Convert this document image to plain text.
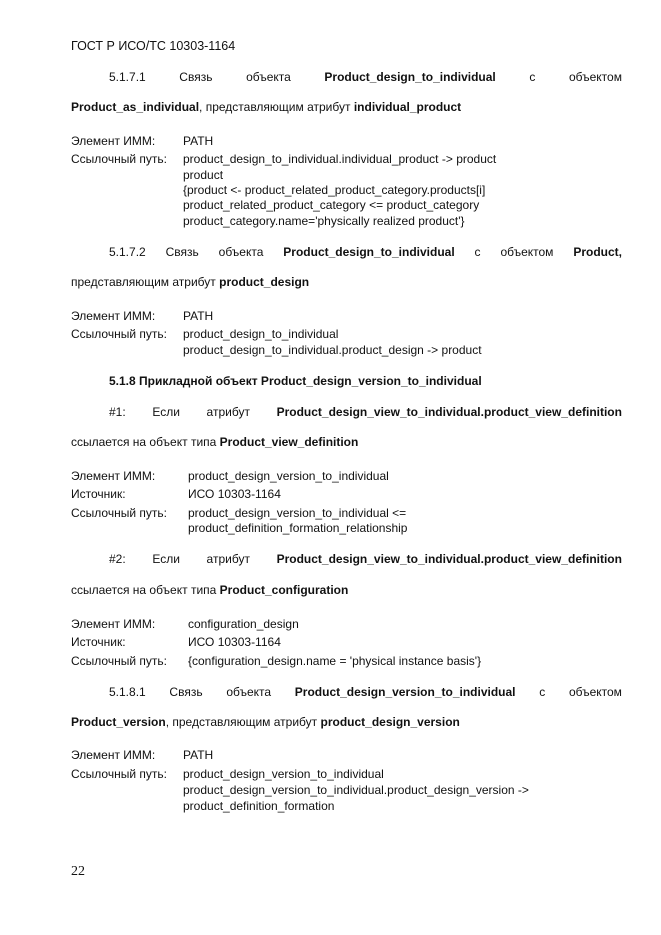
ГОСТ Р ИСО/ТС 10303-1164
5.1.7.1	Связь	объекта	Product_design_to_individual	с	объектом
Product_as_individual, представляющим атрибут individual_product
Элемент ИММ: PATH
Ссылочный путь: product_design_to_individual.individual_product -> product
product
{product <- product_related_product_category.products[i]
product_related_product_category <= product_category
product_category.name='physically realized product'}
5.1.7.2 Связь объекта Product_design_to_individual с объектом Product,
представляющим атрибут product_design
Элемент ИММ: PATH
Ссылочный путь: product_design_to_individual
product_design_to_individual.product_design -> product
5.1.8 Прикладной объект Product_design_version_to_individual
#1: Если атрибут Product_design_view_to_individual.product_view_definition
ссылается на объект типа Product_view_definition
Элемент ИММ:	product_design_version_to_individual
Источник:	ИСО 10303-1164
Ссылочный путь: product_design_version_to_individual <=
product_definition_formation_relationship
#2: Если атрибут Product_design_view_to_individual.product_view_definition
ссылается на объект типа Product_configuration
Элемент ИММ:	configuration_design
Источник:	ИСО 10303-1164
Ссылочный путь: {configuration_design.name = 'physical instance basis'}
5.1.8.1 Связь объекта Product_design_version_to_individual с объектом
Product_version, представляющим атрибут product_design_version
Элемент ИММ: PATH
Ссылочный путь: product_design_version_to_individual
product_design_version_to_individual.product_design_version ->
product_definition_formation
22
